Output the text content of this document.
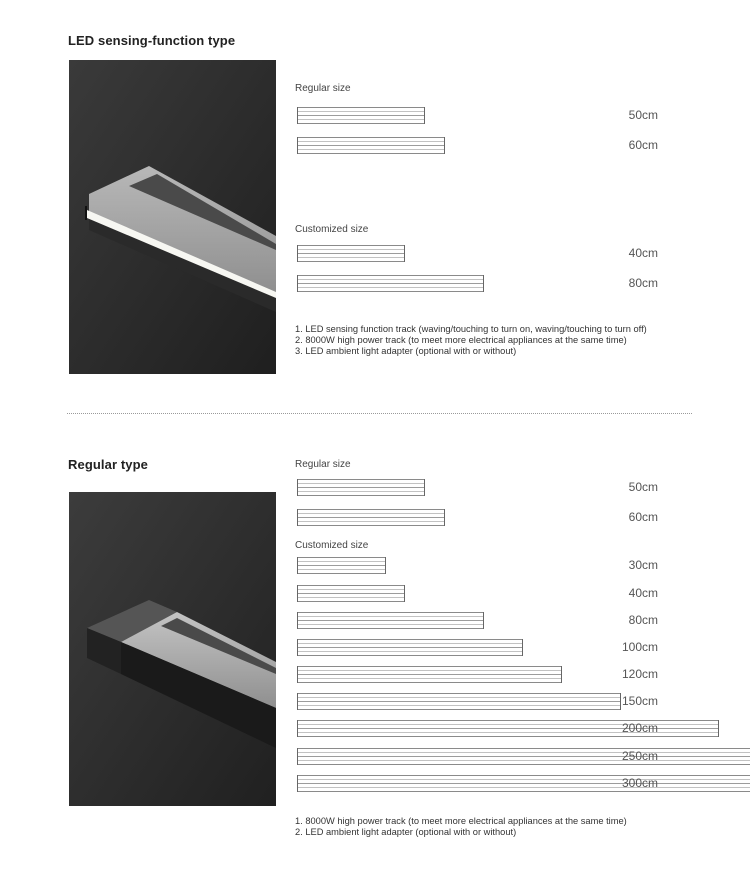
LED sensing-function type
Regular size
50cm
60cm
Customized size
40cm
80cm
1. LED sensing function track (waving/touching to turn on, waving/touching to turn off)
2. 8000W high power track (to meet more electrical appliances at the same time)
3. LED ambient light adapter (optional with or without)
Regular type	Regular size
50cm
60cm
Customized size
30cm
40cm
80cm
100cm
120cm
150cm
200cm
250cm
300cm
1. 8000W high power track (to meet more electrical appliances at the same time)
2. LED ambient light adapter (optional with or without)
